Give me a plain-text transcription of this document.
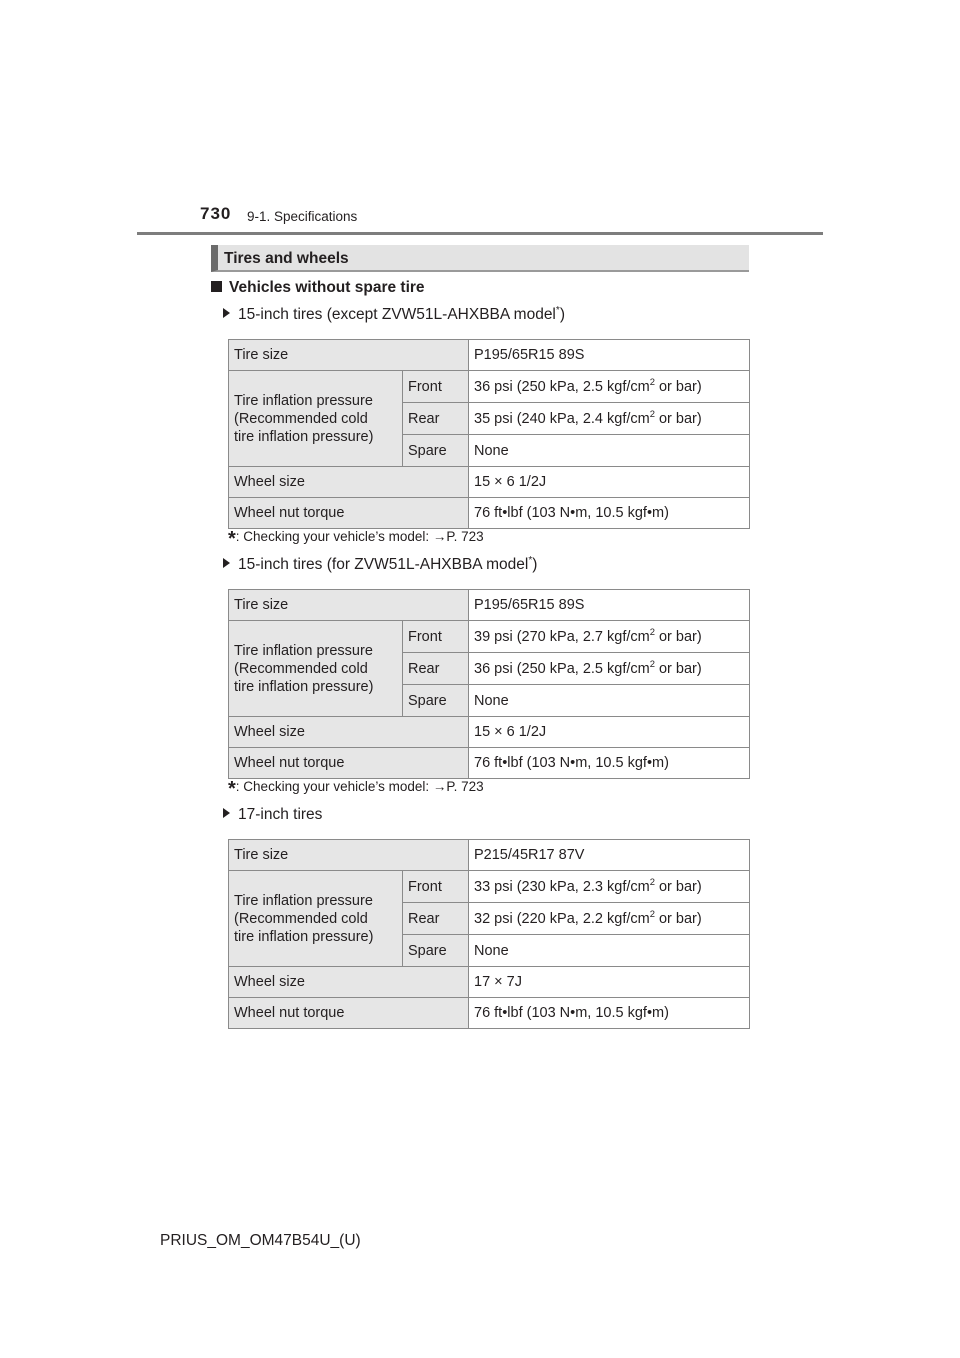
730 9-1. Specifications
Tires and wheels
Vehicles without spare tire
15-inch tires (except ZVW51L-AHXBBA model*)
Tire size		P195/65R15 89S

Tire inflation pressure
(Recommended cold
tire inflation pressure)	Front	36 psi (250 kPa, 2.5 kgf/$cm^2$ or bar)
	Rear	35 psi (240 kPa, 2.4 kgf/$cm^2$ or bar)
	Spare	None
Wheel size		15 × 6 1/2J
Wheel nut torque		76 ft•lbf (103 N•m, 10.5 kgf•m)
*: Checking your vehicle’s model: →P. 723
15-inch tires (for ZVW51L-AHXBBA model*)
Tire size		P195/65R15 89S

Tire inflation pressure
(Recommended cold
tire inflation pressure)	Front	39 psi (270 kPa, 2.7 kgf/$cm^2$ or bar)
	Rear	36 psi (250 kPa, 2.5 kgf/$cm^2$ or bar)
	Spare	None
Wheel size		15 × 6 1/2J
Wheel nut torque		76 ft•lbf (103 N•m, 10.5 kgf•m)
*: Checking your vehicle’s model: →P. 723
17-inch tires
Tire size		P215/45R17 87V

Tire inflation pressure
(Recommended cold
tire inflation pressure)	Front	33 psi (230 kPa, 2.3 kgf/$cm^2$ or bar)
	Rear	32 psi (220 kPa, 2.2 kgf/$cm^2$ or bar)
	Spare	None
Wheel size		17 × 7J
Wheel nut torque		76 ft•lbf (103 N•m, 10.5 kgf•m)
PRIUS_OM_OM47B54U_(U)
